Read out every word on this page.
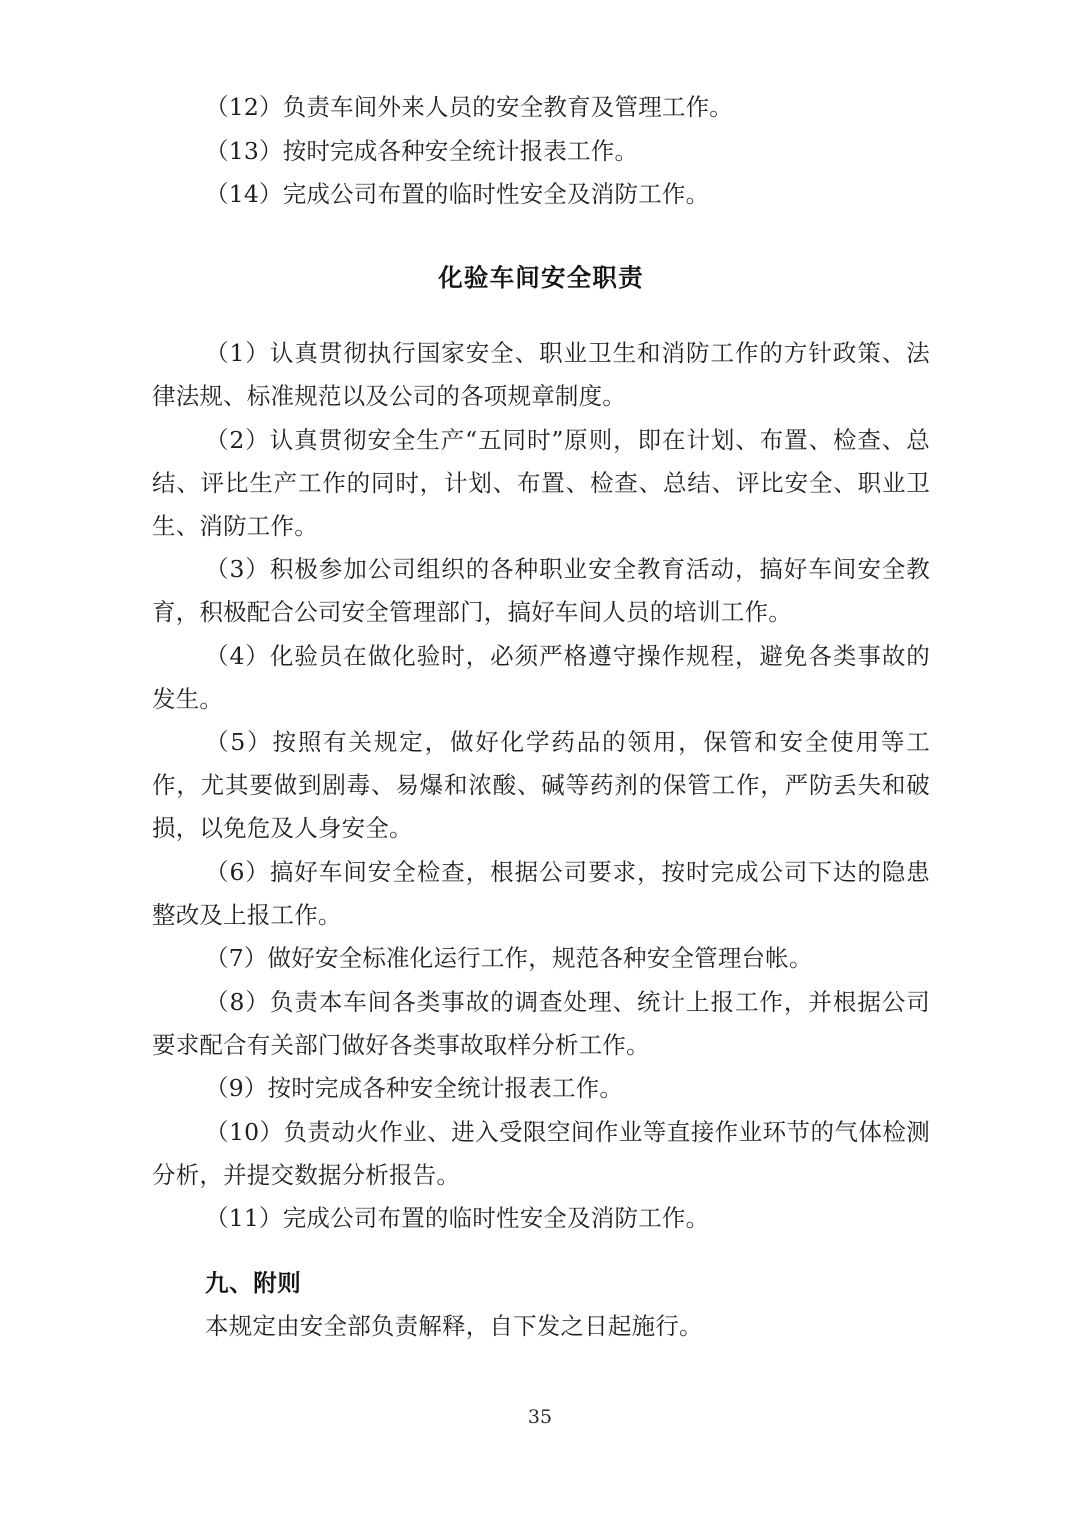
（12）负责车间外来人员的安全教育及管理工作。

（13）按时完成各种安全统计报表工作。

（14）完成公司布置的临时性安全及消防工作。

化验车间安全职责

（1）认真贯彻执行国家安全、职业卫生和消防工作的方针政策、法律法规、标准规范以及公司的各项规章制度。

（2）认真贯彻安全生产“五同时”原则，即在计划、布置、检查、总结、评比生产工作的同时，计划、布置、检查、总结、评比安全、职业卫生、消防工作。

（3）积极参加公司组织的各种职业安全教育活动，搞好车间安全教育，积极配合公司安全管理部门，搞好车间人员的培训工作。

（4）化验员在做化验时，必须严格遵守操作规程，避免各类事故的发生。

（5）按照有关规定，做好化学药品的领用，保管和安全使用等工作，尤其要做到剧毒、易爆和浓酸、碱等药剂的保管工作，严防丢失和破损，以免危及人身安全。

（6）搞好车间安全检查，根据公司要求，按时完成公司下达的隐患整改及上报工作。

（7）做好安全标准化运行工作，规范各种安全管理台帐。

（8）负责本车间各类事故的调查处理、统计上报工作，并根据公司要求配合有关部门做好各类事故取样分析工作。

（9）按时完成各种安全统计报表工作。

（10）负责动火作业、进入受限空间作业等直接作业环节的气体检测分析，并提交数据分析报告。

（11）完成公司布置的临时性安全及消防工作。

九、附则

本规定由安全部负责解释，自下发之日起施行。

35
